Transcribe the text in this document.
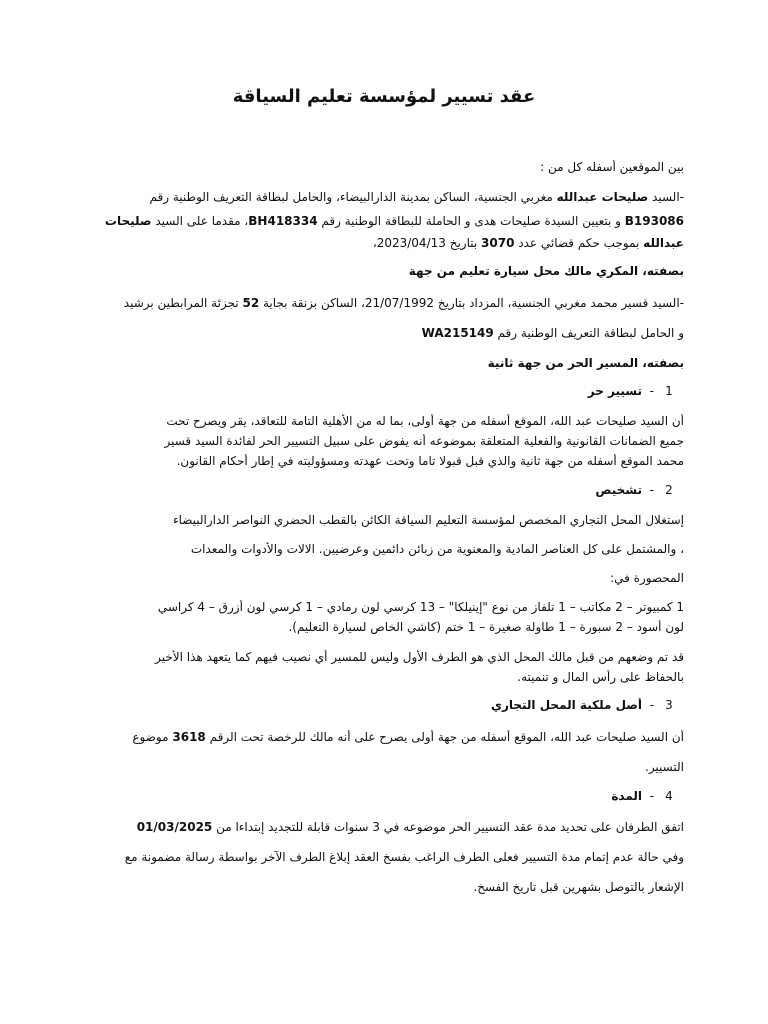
عقد تسيير لمؤسسة تعليم السياقة
بين الموقعين أسفله كل من :
-السيد صليحات عبدالله مغربي الجنسية، الساكن بمدينة الدارالبيضاء، والحامل لبطاقة التعريف الوطنية رقم
B193086 و بتعيين السيدة صليحات هدى و الحاملة للبطاقة الوطنية رقم BH418334، مقدما على السيد صليحات
عبدالله بموجب حكم قضائي عدد 3070 بتاريخ 2023/04/13،
بصفته، المكري مالك محل سيارة تعليم من جهة
-السيد قسير محمد مغربي الجنسية، المزداد بتاريخ 21/07/1992، الساكن بزنقة بجاية 52 تجزئة المرابطين برشيد
و الحامل لبطاقة التعريف الوطنية رقم WA215149
بصفته، المسير الحر من جهة ثانية
1-  تسيير حر
أن السيد صليحات عبد الله، الموقع أسفله من جهة أولى، بما له من الأهلية التامة للتعاقد، يقر ويصرح تحت
جميع الضمانات القانونية والفعلية المتعلقة بموضوعه أنه يفوض على سبيل التسيير الحر لفائدة السيد قسير
محمد الموقع أسفله من جهة ثانية والذي قبل قبولا تاما وتحت عهدته ومسؤوليته في إطار أحكام القانون.
2-  تشخيص
إستغلال المحل التجاري المخصص لمؤسسة التعليم السياقة الكائن بالقطب الحضري النواصر الدارالبيضاء
، والمشتمل على كل العناصر المادية والمعنوية من زبائن دائمين وعرضيين. الالات والأدوات والمعدات
المحصورة في:
1 كمبيوتر – 2 مكاتب – 1 تلفاز من نوع "إينيلكا" – 13 كرسي لون رمادي – 1 كرسي لون أزرق – 4 كراسي
لون أسود – 2 سبورة – 1 طاولة صغيرة – 1 ختم (كاشي الخاص لسيارة التعليم).
قد تم وضعهم من قبل مالك المحل الذي هو الطرف الأول وليس للمسير أي نصيب فيهم كما يتعهد هذا الأخير
بالحفاظ على رأس المال و تنميته.
3-  أصل ملكية المحل التجاري
أن السيد صليحات عبد الله، الموقع أسفله من جهة أولى يصرح على أنه مالك للرخصة تحت الرقم 3618 موضوع
التسيير.
4-  المدة
اتفق الطرفان على تحديد مدة عقد التسيير الحر موضوعه في 3 سنوات قابلة للتجديد إبتداءا من 01/03/2025
وفي حالة عدم إتمام مدة التسيير فعلى الطرف الراغب بفسخ العقد إبلاغ الطرف الآخر بواسطة رسالة مضمونة مع
الإشعار بالتوصل بشهرين قبل تاريخ الفسخ.
